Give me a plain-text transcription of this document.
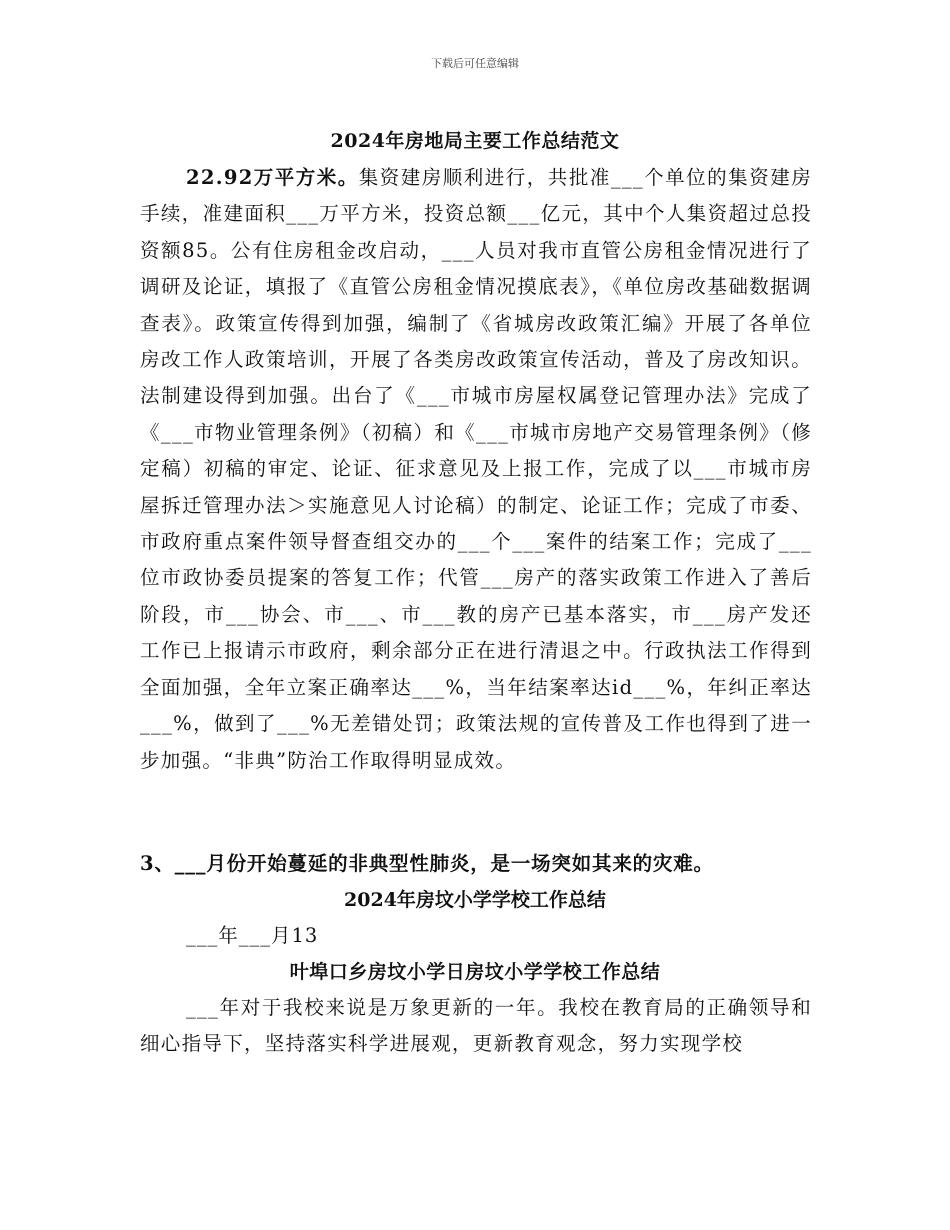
下载后可任意编辑
2024年房地局主要工作总结范文

22.92万平方米。集资建房顺利进行，共批准___个单位的集资建房手续，准建面积___万平方米，投资总额___亿元，其中个人集资超过总投资额85。公有住房租金改启动，___人员对我市直管公房租金情况进行了调研及论证，填报了《直管公房租金情况摸底表》，《单位房改基础数据调查表》。政策宣传得到加强，编制了《省城房改政策汇编》开展了各单位房改工作人政策培训，开展了各类房改政策宣传活动，普及了房改知识。法制建设得到加强。出台了《___市城市房屋权属登记管理办法》完成了《___市物业管理条例》（初稿）和《___市城市房地产交易管理条例》（修定稿）初稿的审定、论证、征求意见及上报工作，完成了以___市城市房屋拆迁管理办法＞实施意见人讨论稿）的制定、论证工作；完成了市委、市政府重点案件领导督查组交办的___个___案件的结案工作；完成了___位市政协委员提案的答复工作；代管___房产的落实政策工作进入了善后阶段，市___协会、市___、市___教的房产已基本落实，市___房产发还工作已上报请示市政府，剩余部分正在进行清退之中。行政执法工作得到全面加强，全年立案正确率达___%，当年结案率达id___%，年纠正率达___%，做到了___%无差错处罚；政策法规的宣传普及工作也得到了进一步加强。“非典”防治工作取得明显成效。

3、___月份开始蔓延的非典型性肺炎，是一场突如其来的灾难。
2024年房坟小学学校工作总结
___年___月13
叶埠口乡房坟小学日房坟小学学校工作总结
___年对于我校来说是万象更新的一年。我校在教育局的正确领导和细心指导下，坚持落实科学进展观，更新教育观念，努力实现学校
